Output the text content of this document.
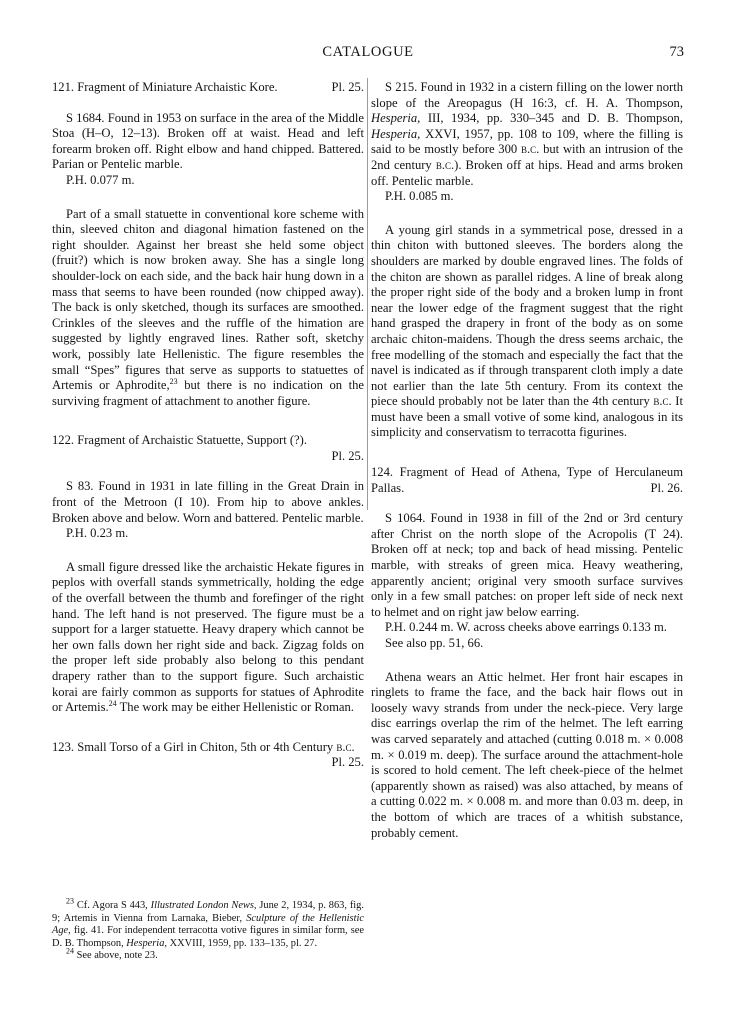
CATALOGUE	73

Pl. 25.
121. Fragment of Miniature Archaistic Kore.

S 1684. Found in 1953 on surface in the area of the Middle Stoa (H–O, 12–13). Broken off at waist. Head and left forearm broken off. Right elbow and hand chipped. Battered. Parian or Pentelic marble.

P.H. 0.077 m.

Part of a small statuette in conventional kore scheme with thin, sleeved chiton and diagonal himation fastened on the right shoulder. Against her breast she held some object (fruit?) which is now broken away. She has a single long shoulder-lock on each side, and the back hair hung down in a mass that seems to have been rounded (now chipped away). The back is only sketched, though its surfaces are smoothed. Crinkles of the sleeves and the ruffle of the himation are suggested by lightly engraved lines. Rather soft, sketchy work, possibly late Hellenistic. The figure resembles the small “Spes” figures that serve as supports to statuettes of Artemis or Aphrodite,$^{23}$ but there is no indication on the surviving fragment of attachment to another figure.

122. Fragment of Archaistic Statuette, Support (?).
Pl. 25.

S 83. Found in 1931 in late filling in the Great Drain in front of the Metroon (I 10). From hip to above ankles. Broken above and below. Worn and battered. Pentelic marble.

P.H. 0.23 m.

A small figure dressed like the archaistic Hekate figures in peplos with overfall stands symmetrically, holding the edge of the overfall between the thumb and forefinger of the right hand. The left hand is not preserved. The figure must be a support for a larger statuette. Heavy drapery which cannot be her own falls down her right side and back. Zigzag folds on the proper left side probably also belong to this pendant drapery rather than to the support figure. Such archaistic korai are fairly common as supports for statues of Aphrodite or Artemis.$^{24}$ The work may be either Hellenistic or Roman.

123. Small Torso of a Girl in Chiton, 5th or 4th Century b.c.
Pl. 25.

$^{23}$ Cf. Agora S 443, Illustrated London News, June 2, 1934, p. 863, fig. 9; Artemis in Vienna from Larnaka, Bieber, Sculpture of the Hellenistic Age, fig. 41. For independent terracotta votive figures in similar form, see D. B. Thompson, Hesperia, XXVIII, 1959, pp. 133–135, pl. 27.

$^{24}$ See above, note 23.

S 215. Found in 1932 in a cistern filling on the lower north slope of the Areopagus (H 16:3, cf. H. A. Thompson, Hesperia, III, 1934, pp. 330–345 and D. B. Thompson, Hesperia, XXVI, 1957, pp. 108 to 109, where the filling is said to be mostly before 300 b.c. but with an intrusion of the 2nd century b.c.). Broken off at hips. Head and arms broken off. Pentelic marble.

P.H. 0.085 m.

A young girl stands in a symmetrical pose, dressed in a thin chiton with buttoned sleeves. The borders along the shoulders are marked by double engraved lines. The folds of the chiton are shown as parallel ridges. A line of break along the proper right side of the body and a broken lump in front near the lower edge of the fragment suggest that the right hand grasped the drapery in front of the body as on some archaic chiton-maidens. Though the dress seems archaic, the free modelling of the stomach and especially the fact that the navel is indicated as if through transparent cloth imply a date not earlier than the late 5th century. From its context the piece should probably not be later than the 4th century b.c. It must have been a small votive of some kind, analogous in its simplicity and conservatism to terracotta figurines.

124. Fragment of Head of Athena, Type of Herculaneum Pallas.	Pl. 26.

S 1064. Found in 1938 in fill of the 2nd or 3rd century after Christ on the north slope of the Acropolis (T 24). Broken off at neck; top and back of head missing. Pentelic marble, with streaks of green mica. Heavy weathering, apparently ancient; original very smooth surface survives only in a few small patches: on proper left side of neck next to helmet and on right jaw below earring.

P.H. 0.244 m. W. across cheeks above earrings 0.133 m.

See also pp. 51, 66.

Athena wears an Attic helmet. Her front hair escapes in ringlets to frame the face, and the back hair flows out in loosely wavy strands from under the neck-piece. Very large disc earrings overlap the rim of the helmet. The left earring was carved separately and attached (cutting 0.018 m. × 0.008 m. × 0.019 m. deep). The surface around the attachment-hole is scored to hold cement. The left cheek-piece of the helmet (apparently shown as raised) was also attached, by means of a cutting 0.022 m. × 0.008 m. and more than 0.03 m. deep, in the bottom of which are traces of a whitish substance, probably cement.
